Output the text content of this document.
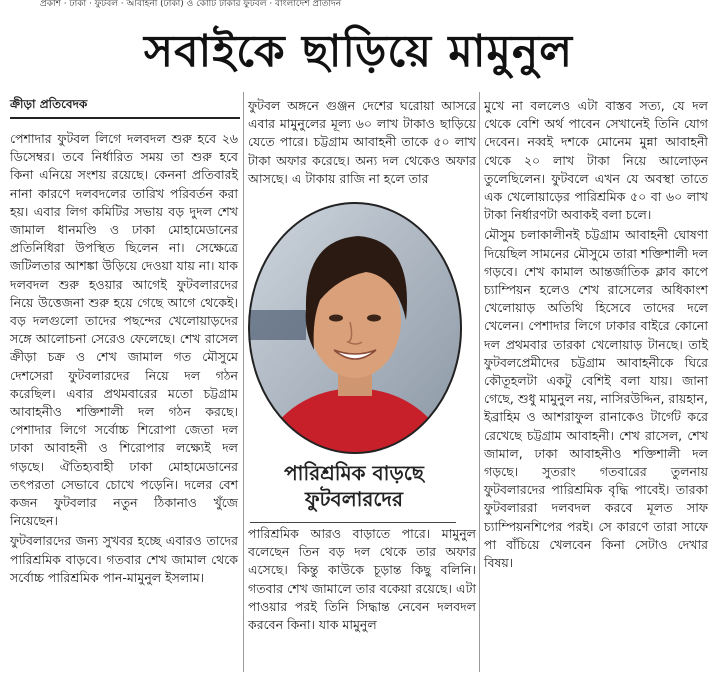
প্রকাশ · ঢাকা · ফুটবল · আবাহনী (ঢাকা) ও কোটি টাকার ফুটবল · বাংলাদেশ প্রতিদিন
সবাইকে ছাড়িয়ে মামুনুল
ক্রীড়া প্রতিবেদক

পেশাদার ফুটবল লিগে দলবদল শুরু হবে ২৬ ডিসেম্বর। তবে নির্ধারিত সময় তা শুরু হবে কিনা এনিয়ে সংশয় রয়েছে। কেননা প্রতিবারই নানা কারণে দলবদলের তারিখ পরিবর্তন করা হয়। এবার লিগ কমিটির সভায় বড় দুদল শেখ জামাল ধানমণ্ডি ও ঢাকা মোহামেডানের প্রতিনিধিরা উপস্থিত ছিলেন না। সেক্ষেত্রে জটিলতার আশঙ্কা উড়িয়ে দেওয়া যায় না। যাক দলবদল শুরু হওয়ার আগেই ফুটবলারদের নিয়ে উত্তেজনা শুরু হয়ে গেছে আগে থেকেই। বড় দলগুলো তাদের পছন্দের খেলোয়াড়দের সঙ্গে আলোচনা সেরেও ফেলেছে। শেখ রাসেল ক্রীড়া চক্র ও শেখ জামাল গত মৌসুমে দেশসেরা ফুটবলারদের নিয়ে দল গঠন করেছিল। এবার প্রথমবারের মতো চট্টগ্রাম আবাহনীও শক্তিশালী দল গঠন করছে। পেশাদার লিগে সর্বোচ্চ শিরোপা জেতা দল ঢাকা আবাহনী ও শিরোপার লক্ষ্যেই দল গড়ছে। ঐতিহ্যবাহী ঢাকা মোহামেডানের তৎপরতা সেভাবে চোখে পড়েনি। দলের বেশ কজন ফুটবলার নতুন ঠিকানাও খুঁজে নিয়েছেন।

ফুটবলারদের জন্য সুখবর হচ্ছে এবারও তাদের পারিশ্রমিক বাড়বে। গতবার শেখ জামাল থেকে সর্বোচ্চ পারিশ্রমিক পান-মামুনুল ইসলাম।

ফুটবল অঙ্গনে গুঞ্জন দেশের ঘরোয়া আসরে এবার মামুনুলের মূল্য ৬০ লাখ টাকাও ছাড়িয়ে যেতে পারে। চট্টগ্রাম আবাহনী তাকে ৫০ লাখ টাকা অফার করেছে। অন্য দল থেকেও অফার আসছে। এ টাকায় রাজি না হলে তার

পারিশ্রমিক বাড়ছে
ফুটবলারদের

পারিশ্রমিক আরও বাড়াতে পারে। মামুনুল বলেছেন তিন বড় দল থেকে তার অফার এসেছে। কিন্তু কাউকে চূড়ান্ত কিছু বলিনি। গতবার শেখ জামালে তার বকেয়া রয়েছে। এটা পাওয়ার পরই তিনি সিদ্ধান্ত নেবেন দলবদল করবেন কিনা। যাক মামুনুল

মুখে না বললেও এটা বাস্তব সত্য, যে দল থেকে বেশি অর্থ পাবেন সেখানেই তিনি যোগ দেবেন। নব্বই দশকে মোনেম মুন্না আবাহনী থেকে ২০ লাখ টাকা নিয়ে আলোড়ন তুলেছিলেন। ফুটবলে এখন যে অবস্থা তাতে এক খেলোয়াড়ের পারিশ্রমিক ৫০ বা ৬০ লাখ টাকা নির্ধারণটা অবাকই বলা চলে।

মৌসুম চলাকালীনই চট্টগ্রাম আবাহনী ঘোষণা দিয়েছিল সামনের মৌসুমে তারা শক্তিশালী দল গড়বে। শেখ কামাল আন্তর্জাতিক ক্লাব কাপে চ্যাম্পিয়ন হলেও শেখ রাসেলের অধিকাংশ খেলোয়াড় অতিথি হিসেবে তাদের দলে খেলেন। পেশাদার লিগে ঢাকার বাইরে কোনো দল প্রথমবার তারকা খেলোয়াড় টানছে। তাই ফুটবলপ্রেমীদের চট্টগ্রাম আবাহনীকে ঘিরে কৌতূহলটা একটু বেশিই বলা যায়। জানা গেছে, শুধু মামুনুল নয়, নাসিরউদ্দিন, রায়হান, ইব্রাহিম ও আশরাফুল রানাকেও টার্গেট করে রেখেছে চট্টগ্রাম আবাহনী। শেখ রাসেল, শেখ জামাল, ঢাকা আবাহনীও শক্তিশালী দল গড়ছে। সুতরাং গতবারের তুলনায় ফুটবলারদের পারিশ্রমিক বৃদ্ধি পাবেই। তারকা ফুটবলাররা দলবদল করবে মূলত সাফ চ্যাম্পিয়নশিপের পরই। সে কারণে তারা সাফে পা বাঁচিয়ে খেলবেন কিনা সেটাও দেখার বিষয়।
